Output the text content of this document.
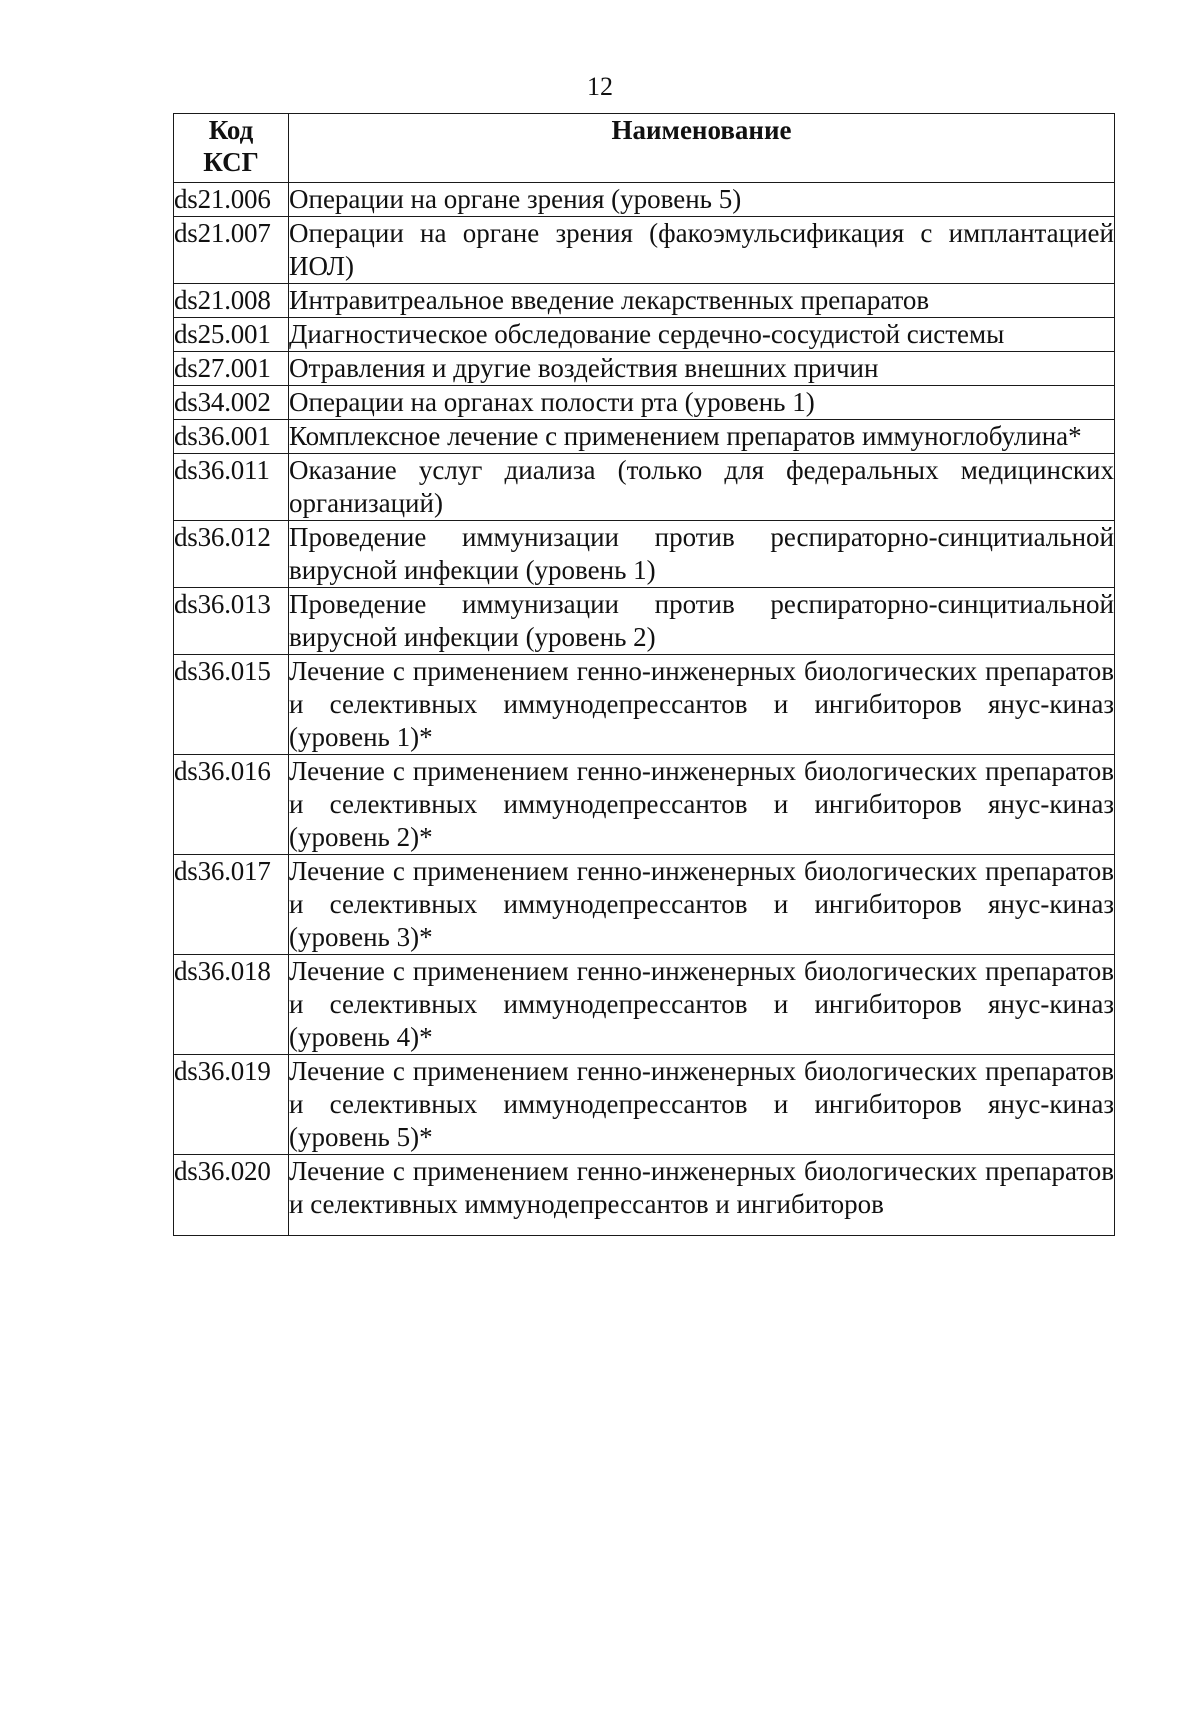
12
Код
КСГ	Наименование
ds21.006	Операции на органе зрения (уровень 5)
ds21.007	Операции на органе зрения (факоэмульсификация с имплантацией ИОЛ)
ds21.008	Интравитреальное введение лекарственных препаратов
ds25.001	Диагностическое обследование сердечно-сосудистой системы
ds27.001	Отравления и другие воздействия внешних причин
ds34.002	Операции на органах полости рта (уровень 1)
ds36.001	Комплексное лечение с применением препаратов иммуноглобулина*
ds36.011	Оказание услуг диализа (только для федеральных медицинских организаций)
ds36.012	Проведение иммунизации против респираторно-синцитиальной вирусной инфекции (уровень 1)
ds36.013	Проведение иммунизации против респираторно-синцитиальной вирусной инфекции (уровень 2)
ds36.015	Лечение с применением генно-инженерных биологических препаратов и селективных иммунодепрессантов и ингибиторов янус-киназ (уровень 1)*
ds36.016	Лечение с применением генно-инженерных биологических препаратов и селективных иммунодепрессантов и ингибиторов янус-киназ (уровень 2)*
ds36.017	Лечение с применением генно-инженерных биологических препаратов и селективных иммунодепрессантов и ингибиторов янус-киназ (уровень 3)*
ds36.018	Лечение с применением генно-инженерных биологических препаратов и селективных иммунодепрессантов и ингибиторов янус-киназ (уровень 4)*
ds36.019	Лечение с применением генно-инженерных биологических препаратов и селективных иммунодепрессантов и ингибиторов янус-киназ (уровень 5)*
ds36.020	Лечение с применением генно-инженерных биологических препаратов и селективных иммунодепрессантов и ингибиторов
